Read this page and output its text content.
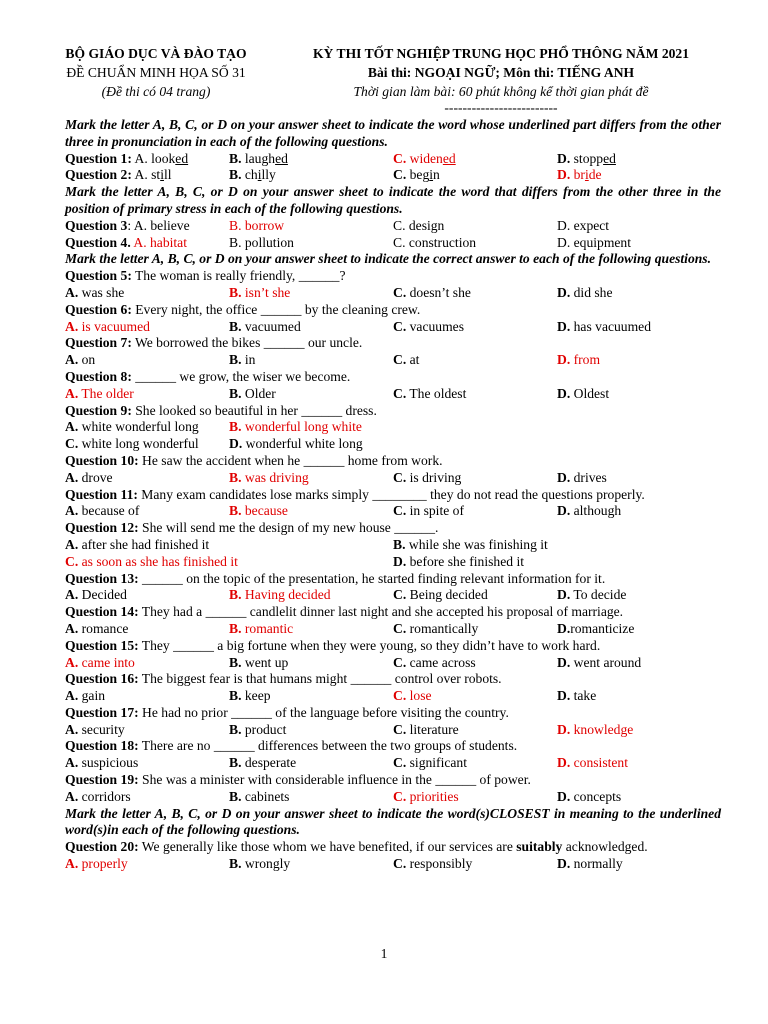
BỘ GIÁO DỤC VÀ ĐÀO TẠO
ĐỀ CHUẨN MINH HỌA SỐ 31
(Đề thi có 04 trang)
KỲ THI TỐT NGHIỆP TRUNG HỌC PHỔ THÔNG NĂM 2021
Bài thi: NGOẠI NGỮ; Môn thi: TIẾNG ANH
Thời gian làm bài: 60 phút không kể thời gian phát đề
-------------------------
Mark the letter A, B, C, or D on your answer sheet to indicate the word whose underlined part differs from the other three in pronunciation in each of the following questions.
Question 1: A. looked	B. laughed	C. widened	D. stopped
Question 2: A. still	B. chilly	C. begin	D. bride
Mark the letter A, B, C, or D on your answer sheet to indicate the word that differs from the other three in the position of primary stress in each of the following questions.
Question 3: A. believe	B. borrow	C. design	D. expect
Question 4. A. habitat	B. pollution	C. construction	D. equipment
Mark the letter A, B, C, or D on your answer sheet to indicate the correct answer to each of the following questions.
Question 5: The woman is really friendly, ______?
A. was she	B. isn’t she	C. doesn’t she	D. did she
Question 6: Every night, the office ______ by the cleaning crew.
A. is vacuumed	B. vacuumed	C. vacuumes	D. has vacuumed
Question 7: We borrowed the bikes ______ our uncle.
A. on	B. in	C. at	D. from
Question 8: ______ we grow, the wiser we become.
A. The older	B. Older	C. The oldest	D. Oldest
Question 9: She looked so beautiful in her ______ dress.
A. white wonderful long	B. wonderful long white
C. white long wonderful	D. wonderful white long
Question 10: He saw the accident when he ______ home from work.
A. drove	B. was driving	C. is driving	D. drives
Question 11: Many exam candidates lose marks simply ________ they do not read the questions properly.
A. because of	B. because	C. in spite of	D. although
Question 12: She will send me the design of my new house ______.
A. after she had finished it	B. while she was finishing it
C. as soon as she has finished it	D. before she finished it
Question 13: ______ on the topic of the presentation, he started finding relevant information for it.
A. Decided	B. Having decided	C. Being decided	D. To decide
Question 14: They had a ______ candlelit dinner last night and she accepted his proposal of marriage.
A. romance	B. romantic	C. romantically	D.romanticize
Question 15: They ______ a big fortune when they were young, so they didn’t have to work hard.
A. came into	B. went up	C. came across	D. went around
Question 16: The biggest fear is that humans might ______ control over robots.
A. gain	B. keep	C. lose	D. take
Question 17: He had no prior ______ of the language before visiting the country.
A. security	B. product	C. literature	D. knowledge
Question 18: There are no ______ differences between the two groups of students.
A. suspicious	B. desperate	C. significant	D. consistent
Question 19: She was a minister with considerable influence in the ______ of power.
A. corridors	B. cabinets	C. priorities	D. concepts
Mark the letter A, B, C, or D on your answer sheet to indicate the word(s)CLOSEST in meaning to the underlined word(s)in each of the following questions.
Question 20: We generally like those whom we have benefited, if our services are suitably acknowledged.
A. properly	B. wrongly	C. responsibly	D. normally
1
